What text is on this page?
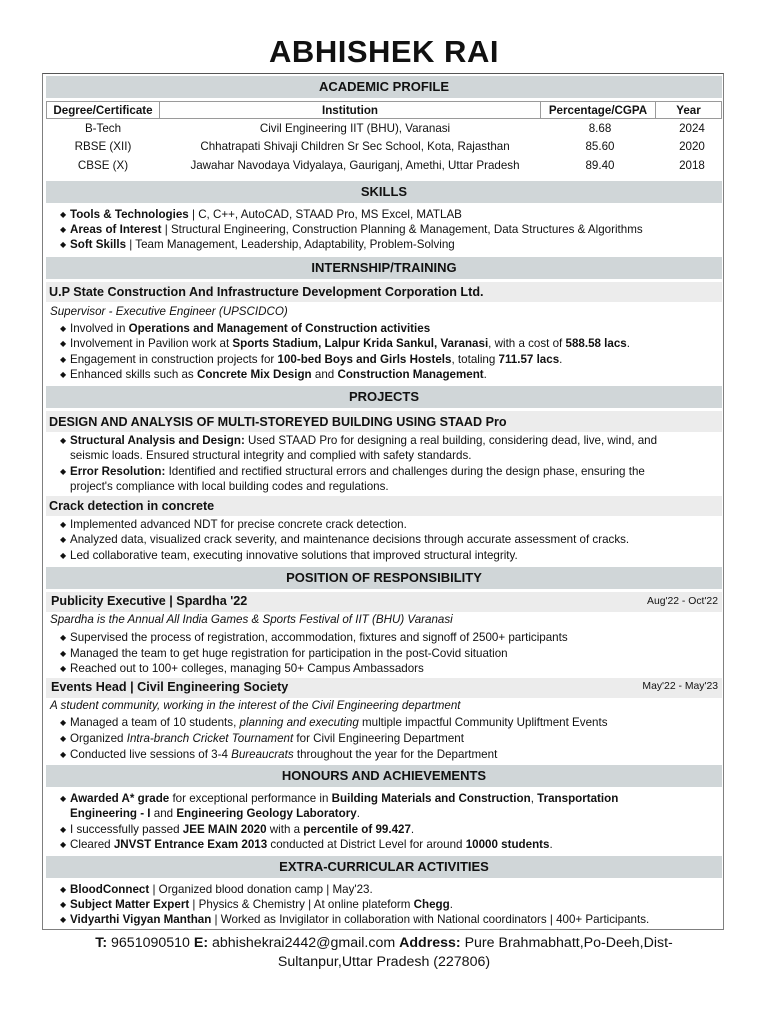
ABHISHEK RAI
ACADEMIC PROFILE
Degree/Certificate	Institution	Percentage/CGPA	Year
B-Tech	Civil Engineering IIT (BHU), Varanasi	8.68	2024
RBSE (XII)	Chhatrapati Shivaji Children Sr Sec School, Kota, Rajasthan	85.60	2020
CBSE (X)	Jawahar Navodaya Vidyalaya, Gauriganj, Amethi, Uttar Pradesh	89.40	2018
SKILLS
◆ Tools & Technologies | C, C++, AutoCAD, STAAD Pro, MS Excel, MATLAB
◆ Areas of Interest | Structural Engineering, Construction Planning & Management, Data Structures & Algorithms
◆ Soft Skills | Team Management, Leadership, Adaptability, Problem-Solving
INTERNSHIP/TRAINING
U.P State Construction And Infrastructure Development Corporation Ltd.
Supervisor - Executive Engineer (UPSCIDCO)
◆ Involved in Operations and Management of Construction activities
◆ Involvement in Pavilion work at Sports Stadium, Lalpur Krida Sankul, Varanasi, with a cost of 588.58 lacs.
◆ Engagement in construction projects for 100-bed Boys and Girls Hostels, totaling 711.57 lacs.
◆ Enhanced skills such as Concrete Mix Design and Construction Management.
PROJECTS
DESIGN AND ANALYSIS OF MULTI-STOREYED BUILDING USING STAAD Pro
◆ Structural Analysis and Design: Used STAAD Pro for designing a real building, considering dead, live, wind, and
seismic loads. Ensured structural integrity and complied with safety standards.
◆ Error Resolution: Identified and rectified structural errors and challenges during the design phase, ensuring the
project's compliance with local building codes and regulations.
Crack detection in concrete
◆ Implemented advanced NDT for precise concrete crack detection.
◆ Analyzed data, visualized crack severity, and maintenance decisions through accurate assessment of cracks.
◆ Led collaborative team, executing innovative solutions that improved structural integrity.
POSITION OF RESPONSIBILITY
Publicity Executive | Spardha '22	Aug'22 - Oct'22
Spardha is the Annual All India Games & Sports Festival of IIT (BHU) Varanasi
◆ Supervised the process of registration, accommodation, fixtures and signoff of 2500+ participants
◆ Managed the team to get huge registration for participation in the post-Covid situation
◆ Reached out to 100+ colleges, managing 50+ Campus Ambassadors
Events Head | Civil Engineering Society	May'22 - May'23
A student community, working in the interest of the Civil Engineering department
◆ Managed a team of 10 students, planning and executing multiple impactful Community Upliftment Events
◆ Organized Intra-branch Cricket Tournament for Civil Engineering Department
◆ Conducted live sessions of 3-4 Bureaucrats throughout the year for the Department
HONOURS AND ACHIEVEMENTS
◆ Awarded A* grade for exceptional performance in Building Materials and Construction, Transportation
Engineering - I and Engineering Geology Laboratory.
◆ I successfully passed JEE MAIN 2020 with a percentile of 99.427.
◆ Cleared JNVST Entrance Exam 2013 conducted at District Level for around 10000 students.
EXTRA-CURRICULAR ACTIVITIES
◆ BloodConnect | Organized blood donation camp | May'23.
◆ Subject Matter Expert | Physics & Chemistry | At online plateform Chegg.
◆ Vidyarthi Vigyan Manthan | Worked as Invigilator in collaboration with National coordinators | 400+ Participants.
T: 9651090510 E: abhishekrai2442@gmail.com Address: Pure Brahmabhatt,Po-Deeh,Dist-
Sultanpur,Uttar Pradesh (227806)
